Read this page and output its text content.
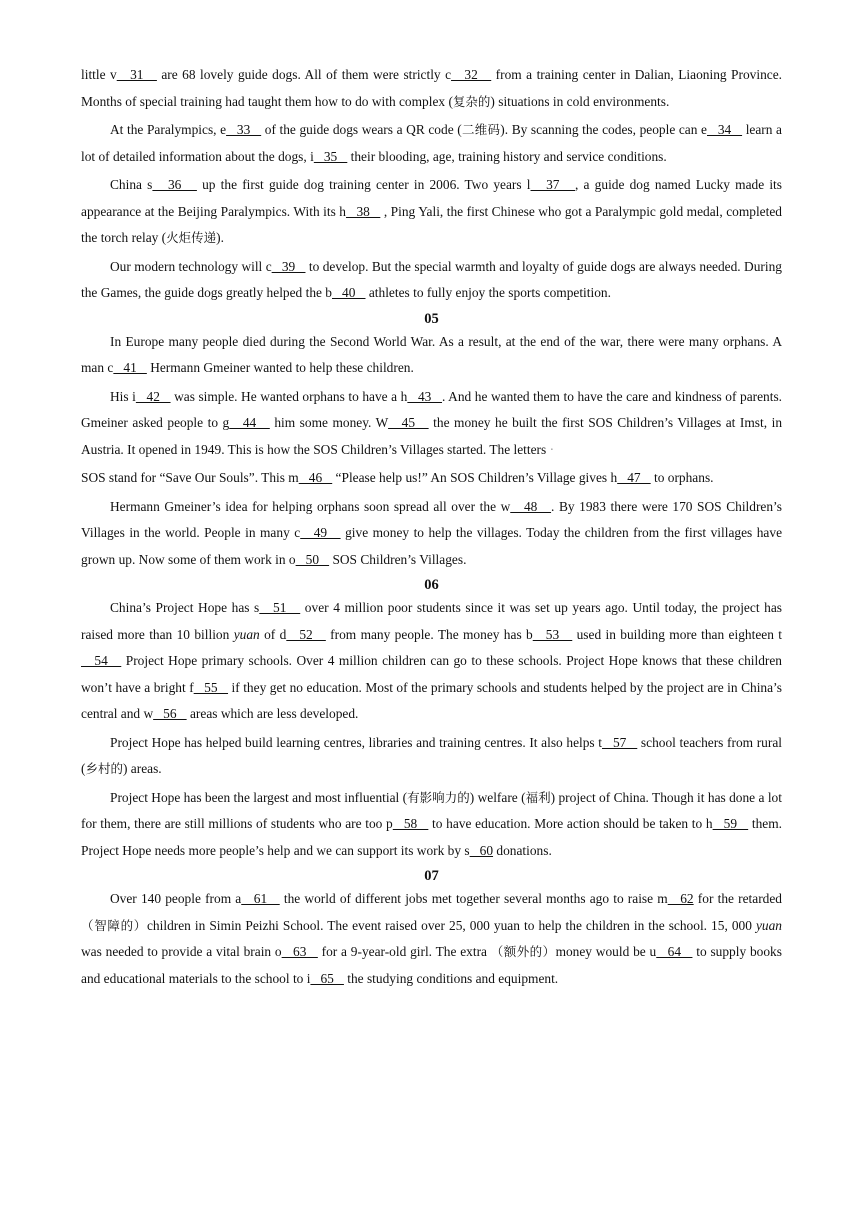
little v   31    are 68 lovely guide dogs. All of them were strictly c   32    from a training center in Dalian, Liaoning Province. Months of special training had taught them how to do with complex (复杂的) situations in cold environments.

At the Paralympics, e   33    of the guide dogs wears a QR code (二维码). By scanning the codes, people can e   34    learn a lot of detailed information about the dogs, i   35    their blooding, age, training history and service conditions.

China s   36    up the first guide dog training center in 2006. Two years l   37   , a guide dog named Lucky made its appearance at the Beijing Paralympics. With its h   38    , Ping Yali, the first Chinese who got a Paralympic gold medal, completed the torch relay (火炬传递).

Our modern technology will c   39    to develop. But the special warmth and loyalty of guide dogs are always needed. During the Games, the guide dogs greatly helped the b   40    athletes to fully enjoy the sports competition.

05

In Europe many people died during the Second World War. As a result, at the end of the war, there were many orphans. A man c   41    Hermann Gmeiner wanted to help these children.

His i   42    was simple. He wanted orphans to have a h   43   . And he wanted them to have the care and kindness of parents. Gmeiner asked people to g   44    him some money. W   45    the money he built the first SOS Children’s Villages at Imst, in Austria. It opened in 1949. This is how the SOS Children’s Villages started. The letters ·

SOS stand for “Save Our Souls”. This m   46    “Please help us!” An SOS Children’s Village gives h   47    to orphans.

Hermann Gmeiner’s idea for helping orphans soon spread all over the w   48   . By 1983 there were 170 SOS Children’s Villages in the world. People in many c   49    give money to help the villages. Today the children from the first villages have grown up. Now some of them work in o   50    SOS Children’s Villages.

06

China’s Project Hope has s   51    over 4 million poor students since it was set up years ago. Until today, the project has raised more than 10 billion yuan of d   52    from many people. The money has b   53    used in building more than eighteen t   54    Project Hope primary schools. Over 4 million children can go to these schools. Project Hope knows that these children won’t have a bright f   55    if they get no education. Most of the primary schools and students helped by the project are in China’s central and w   56    areas which are less developed.

Project Hope has helped build learning centres, libraries and training centres. It also helps t   57    school teachers from rural (乡村的) areas.

Project Hope has been the largest and most influential (有影响力的) welfare (福利) project of China. Though it has done a lot for them, there are still millions of students who are too p   58    to have education. More action should be taken to h   59    them. Project Hope needs more people’s help and we can support its work by s   60 donations.

07

Over 140 people from a   61    the world of different jobs met together several months ago to raise m   62 for the retarded（智障的）children in Simin Peizhi School. The event raised over 25, 000 yuan to help the children in the school. 15, 000 yuan was needed to provide a vital brain o   63    for a 9-year-old girl. The extra （额外的）money would be u   64    to supply books and educational materials to the school to i   65    the studying conditions and equipment.
